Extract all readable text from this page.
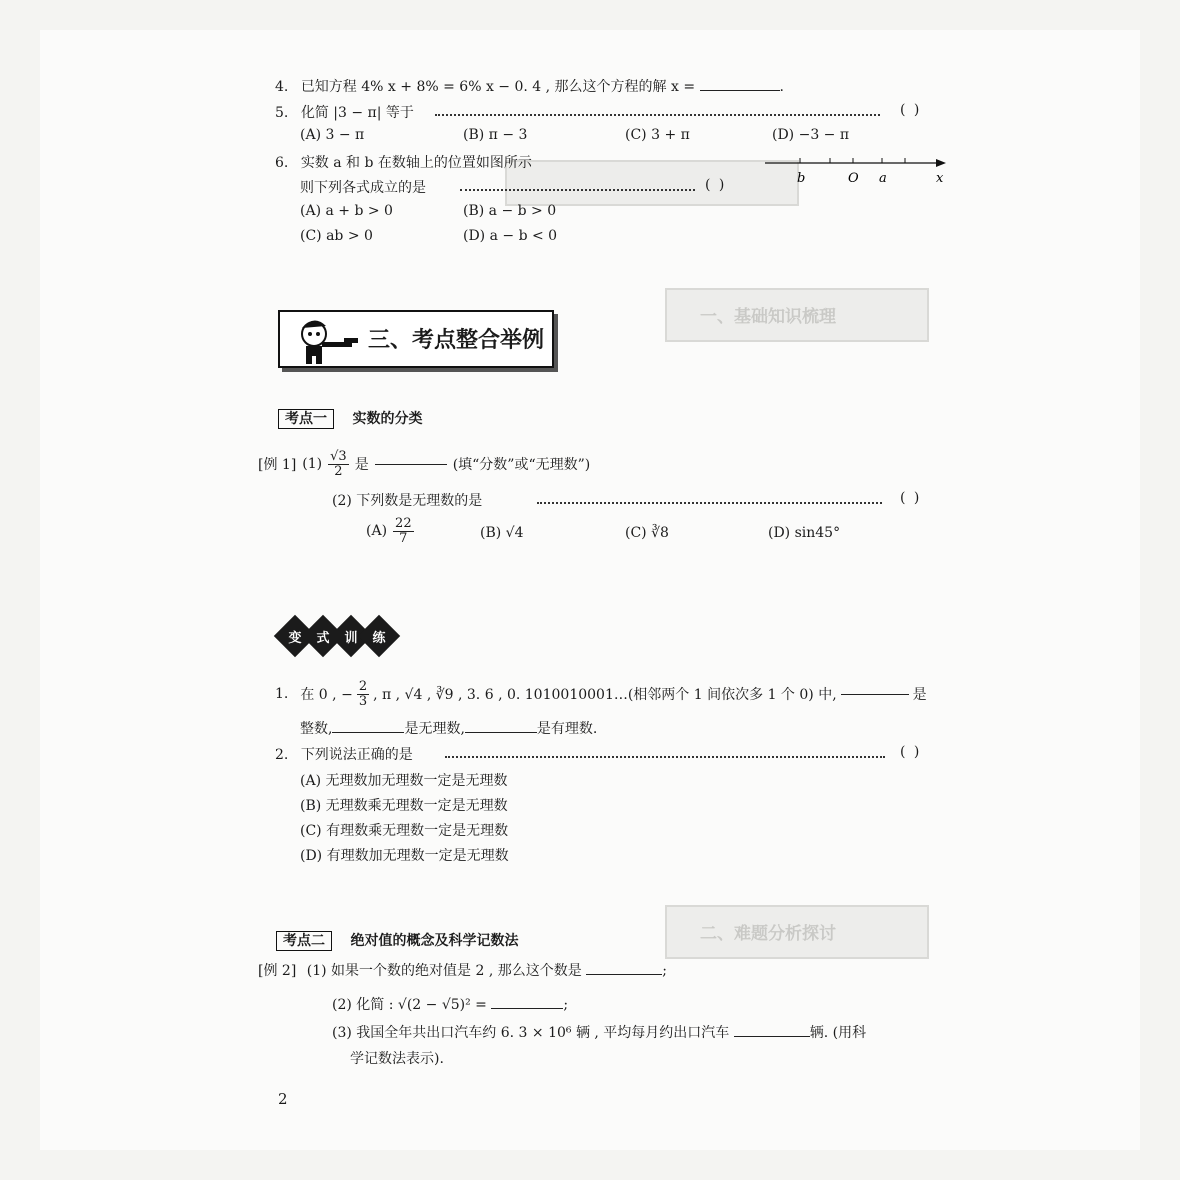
一、基础知识梳理
二、难题分析探讨
4. 已知方程 4% x + 8% = 6% x − 0. 4 , 那么这个方程的解 x =	.
5. 化简 |3 − π| 等于	( )
(A) 3 − π	(B) π − 3	(C) 3 + π	(D) −3 − π
6. 实数 a 和 b 在数轴上的位置如图所示
则下列各式成立的是	( )
(A) a + b > 0	(B) a − b > 0
(C) ab > 0	(D) a − b < 0
b	O a	x
三、考点整合举例
考点一 实数的分类
[例 1] $(1) \frac{√3}{2}$ 是	(填“分数”或“无理数”)
(2) 下列数是无理数的是	( )
$(A) \frac{22}{7}$	(B) √4	(C) ∛8	(D) sin45°
变	式	训	练
1. 在 0 , − $\frac{2}{3}$ , π , √4 , ∛9 , 3. 6 , 0. 1010010001…(相邻两个 1 间依次多 1 个 0) 中,	是
整数,	是无理数,	是有理数.
2. 下列说法正确的是	( )
(A) 无理数加无理数一定是无理数
(B) 无理数乘无理数一定是无理数
(C) 有理数乘无理数一定是无理数
(D) 有理数加无理数一定是无理数
考点二 绝对值的概念及科学记数法
[例 2] (1) 如果一个数的绝对值是 2 , 那么这个数是	;
(2) 化简 : √(2 − √5)² =	;
(3) 我国全年共出口汽车约 6. 3 × 10⁶ 辆 , 平均每月约出口汽车	辆. (用科
学记数法表示).
2
